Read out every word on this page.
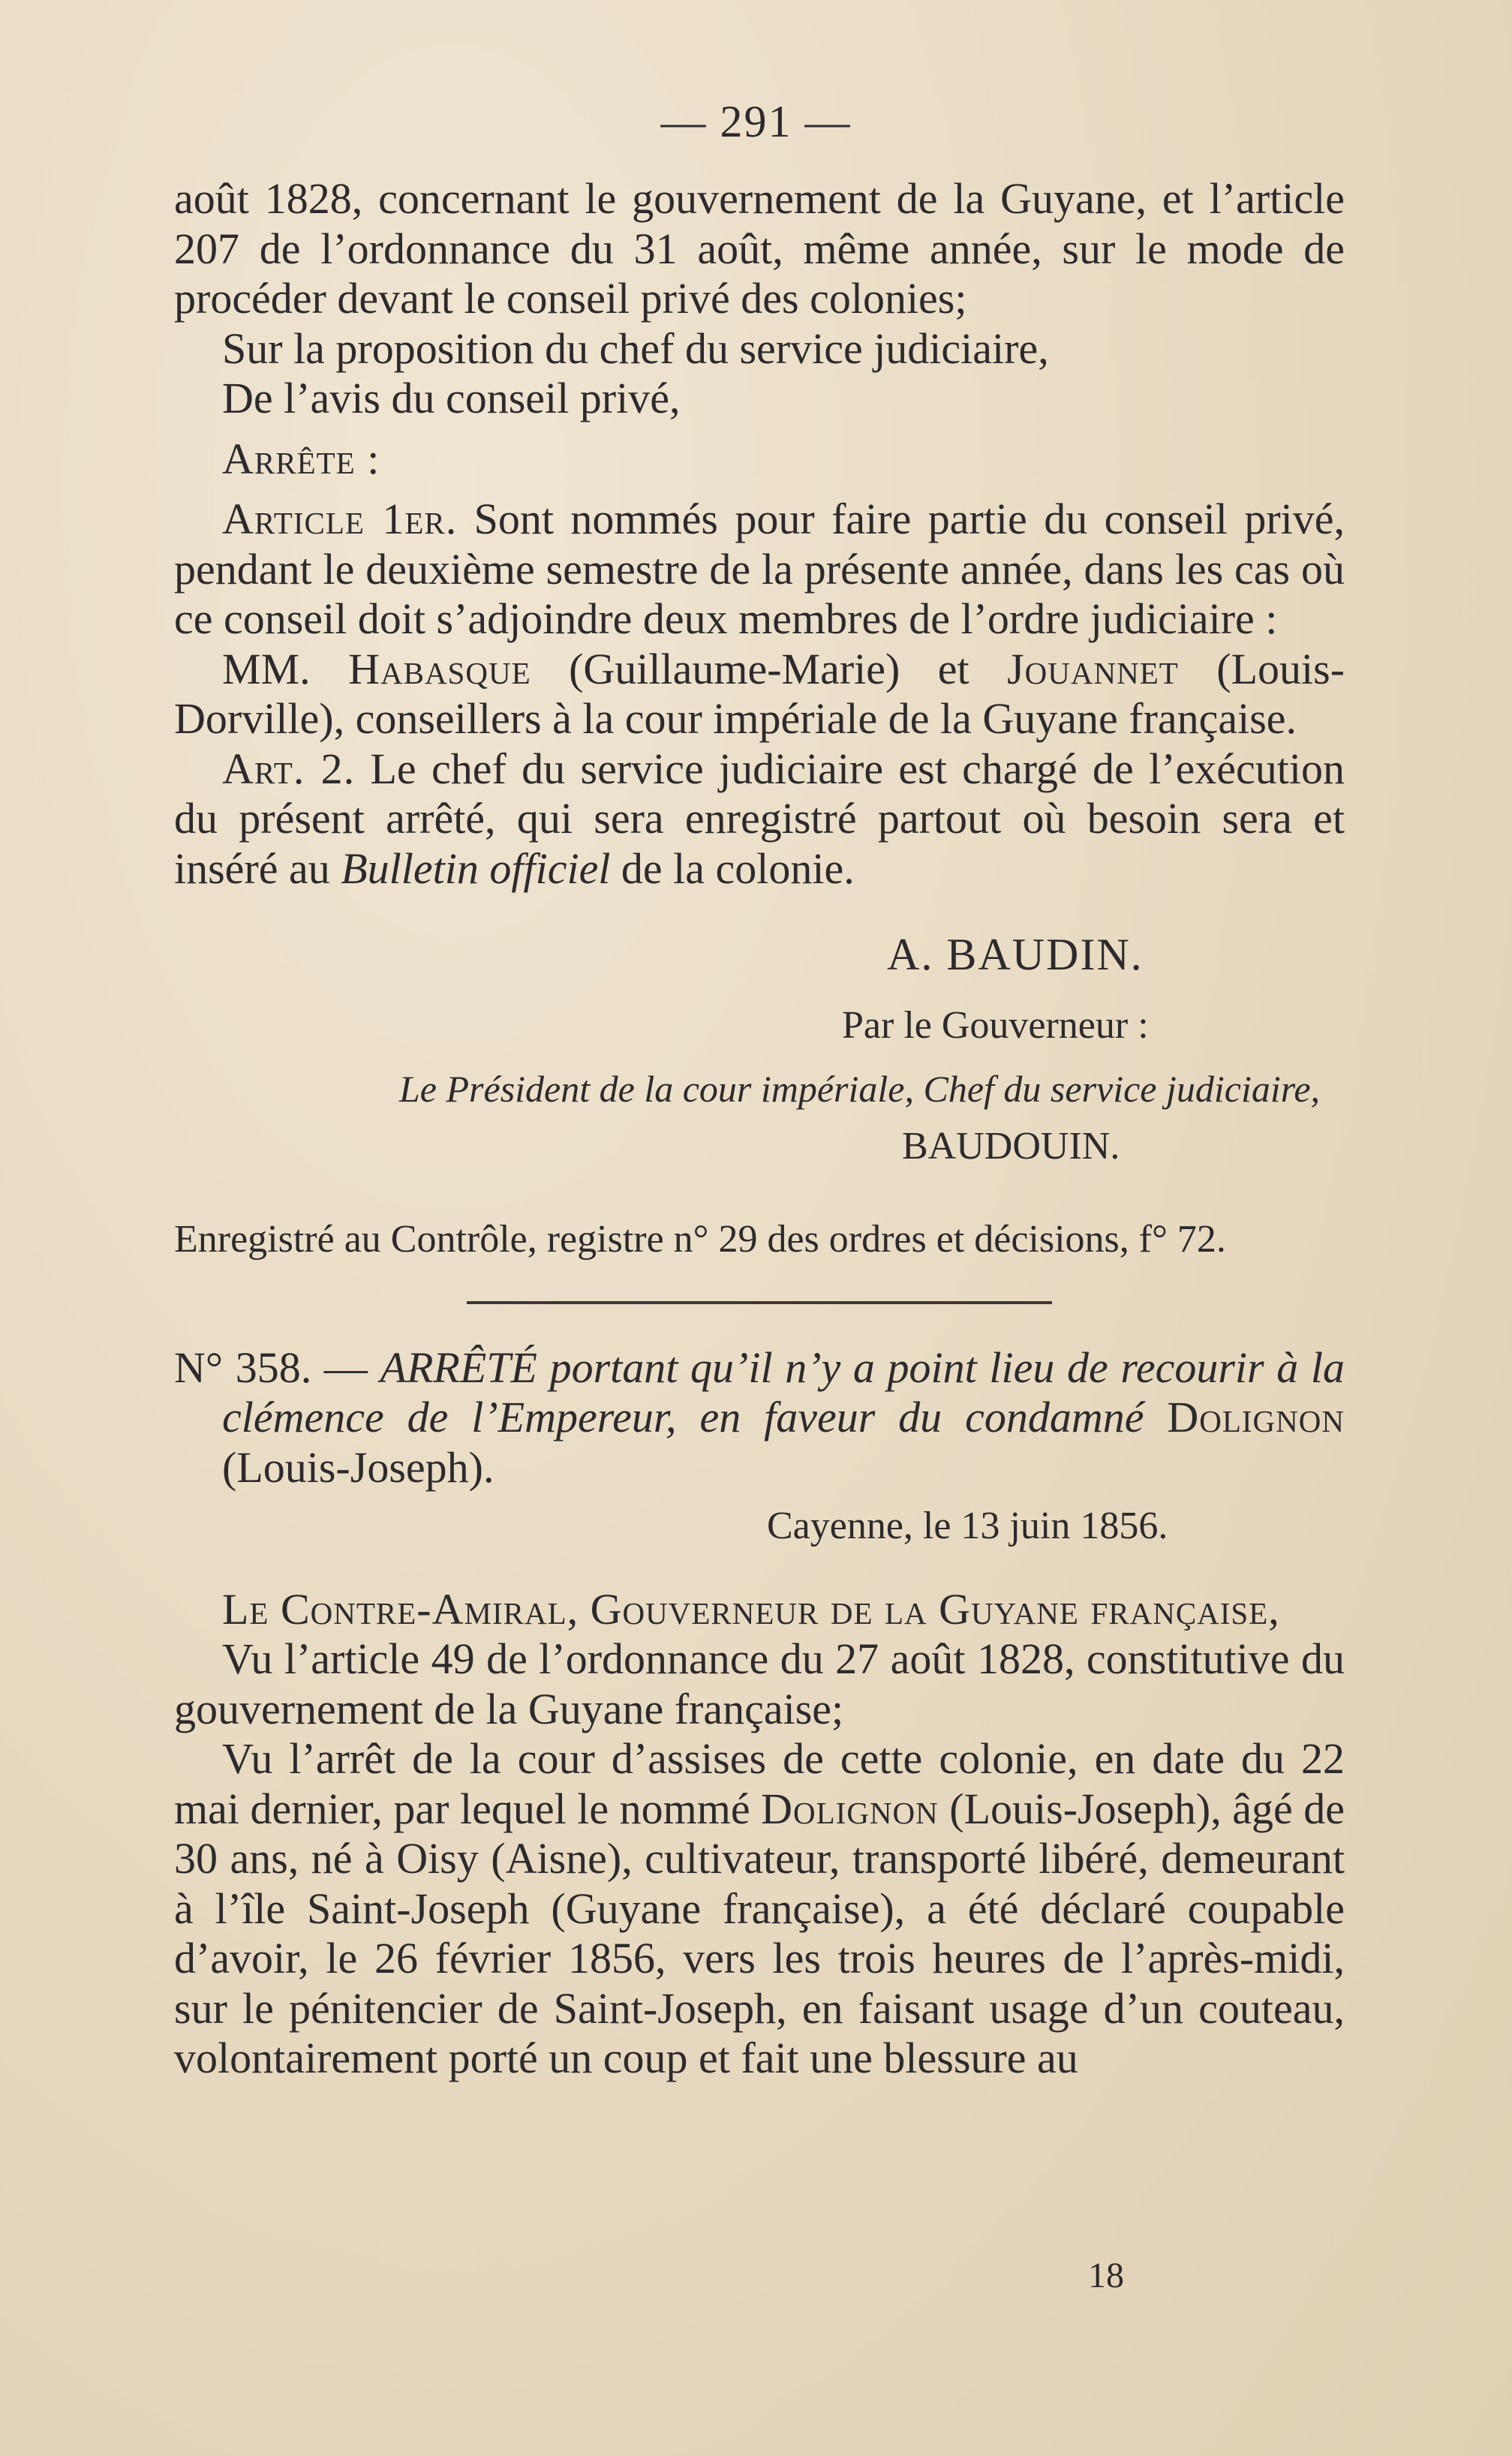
— 291 —

août 1828, concernant le gouvernement de la Guyane, et l’article 207 de l’ordonnance du 31 août, même année, sur le mode de procéder devant le conseil privé des colonies;

Sur la proposition du chef du service judiciaire,

De l’avis du conseil privé,

Arrête :

Article 1er. Sont nommés pour faire partie du conseil privé, pendant le deuxième semestre de la présente année, dans les cas où ce conseil doit s’adjoindre deux membres de l’ordre judiciaire :

MM. Habasque (Guillaume-Marie) et Jouannet (Louis-Dorville), conseillers à la cour impériale de la Guyane française.

Art. 2. Le chef du service judiciaire est chargé de l’exécution du présent arrêté, qui sera enregistré partout où besoin sera et inséré au Bulletin officiel de la colonie.

A. BAUDIN.

Par le Gouverneur :

Le Président de la cour impériale, Chef du service judiciaire,

BAUDOUIN.

Enregistré au Contrôle, registre n° 29 des ordres et décisions, f° 72.

N° 358. — ARRÊTÉ portant qu’il n’y a point lieu de recourir à la clémence de l’Empereur, en faveur du condamné Dolignon (Louis-Joseph).

Cayenne, le 13 juin 1856.

Le Contre-Amiral, Gouverneur de la Guyane française,

Vu l’article 49 de l’ordonnance du 27 août 1828, constitutive du gouvernement de la Guyane française;

Vu l’arrêt de la cour d’assises de cette colonie, en date du 22 mai dernier, par lequel le nommé Dolignon (Louis-Joseph), âgé de 30 ans, né à Oisy (Aisne), cultivateur, transporté libéré, demeurant à l’île Saint-Joseph (Guyane française), a été déclaré coupable d’avoir, le 26 février 1856, vers les trois heures de l’après-midi, sur le pénitencier de Saint-Joseph, en faisant usage d’un couteau, volontairement porté un coup et fait une blessure au

18
